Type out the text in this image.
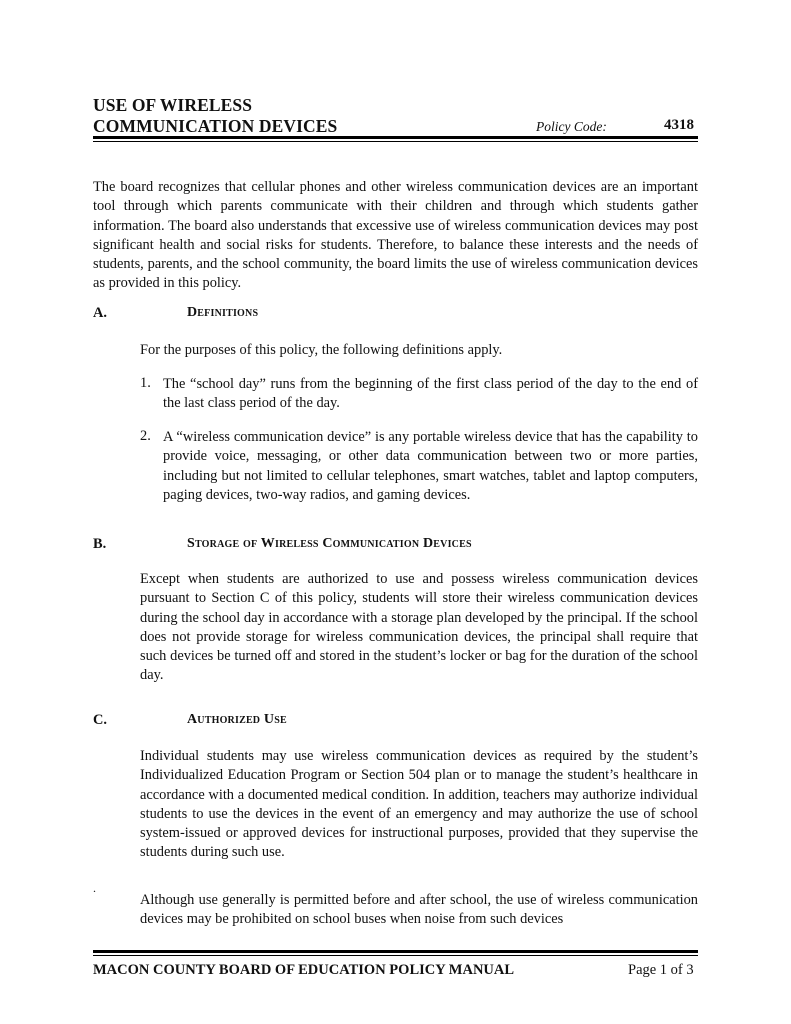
USE OF WIRELESS
COMMUNICATION DEVICES	Policy Code:	4318

The board recognizes that cellular phones and other wireless communication devices are an important tool through which parents communicate with their children and through which students gather information. The board also understands that excessive use of wireless communication devices may post significant health and social risks for students. Therefore, to balance these interests and the needs of students, parents, and the school community, the board limits the use of wireless communication devices as provided in this policy.

A.	Definitions

For the purposes of this policy, the following definitions apply.

1. The “school day” runs from the beginning of the first class period of the day to the end of the last class period of the day.

2. A “wireless communication device” is any portable wireless device that has the capability to provide voice, messaging, or other data communication between two or more parties, including but not limited to cellular telephones, smart watches, tablet and laptop computers, paging devices, two-way radios, and gaming devices.

B.	Storage of Wireless Communication Devices

Except when students are authorized to use and possess wireless communication devices pursuant to Section C of this policy, students will store their wireless communication devices during the school day in accordance with a storage plan developed by the principal. If the school does not provide storage for wireless communication devices, the principal shall require that such devices be turned off and stored in the student’s locker or bag for the duration of the school day.

C.	Authorized Use

Individual students may use wireless communication devices as required by the student’s Individualized Education Program or Section 504 plan or to manage the student’s healthcare in accordance with a documented medical condition. In addition, teachers may authorize individual students to use the devices in the event of an emergency and may authorize the use of school system-issued or approved devices for instructional purposes, provided that they supervise the students during such use.

.

Although use generally is permitted before and after school, the use of wireless communication devices may be prohibited on school buses when noise from such devices

MACON COUNTY BOARD OF EDUCATION POLICY MANUAL	Page 1 of 3
